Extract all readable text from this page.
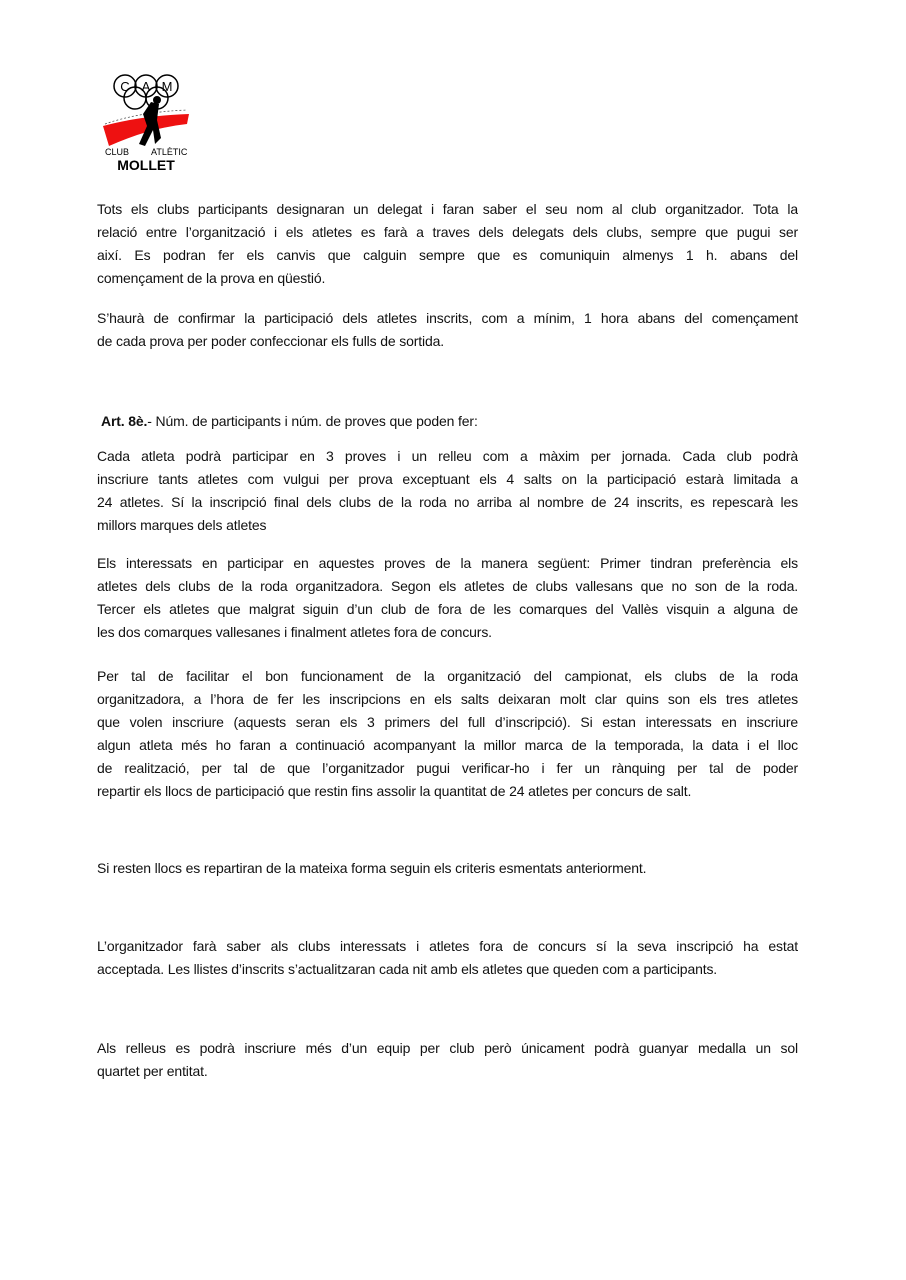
C A M
CLUB ATLÈTIC
MOLLET
Tots els clubs participants designaran un delegat i faran saber el seu nom al club organitzador. Tota la
relació entre l’organització i els atletes es farà a traves dels delegats dels clubs, sempre que pugui ser
així. Es podran fer els canvis que calguin sempre que es comuniquin almenys 1 h. abans del
començament de la prova en qüestió.
S’haurà de confirmar la participació dels atletes inscrits, com a mínim, 1 hora abans del començament
de cada prova per poder confeccionar els fulls de sortida.
Art. 8è.- Núm. de participants i núm. de proves que poden fer:
Cada atleta podrà participar en 3 proves i un relleu com a màxim per jornada. Cada club podrà
inscriure tants atletes com vulgui per prova exceptuant els 4 salts on la participació estarà limitada a
24 atletes. Sí la inscripció final dels clubs de la roda no arriba al nombre de 24 inscrits, es repescarà les
millors marques dels atletes
Els interessats en participar en aquestes proves de la manera següent: Primer tindran preferència els
atletes dels clubs de la roda organitzadora. Segon els atletes de clubs vallesans que no son de la roda.
Tercer els atletes que malgrat siguin d’un club de fora de les comarques del Vallès visquin a alguna de
les dos comarques vallesanes i finalment atletes fora de concurs.
Per tal de facilitar el bon funcionament de la organització del campionat, els clubs de la roda
organitzadora, a l’hora de fer les inscripcions en els salts deixaran molt clar quins son els tres atletes
que volen inscriure (aquests seran els 3 primers del full d’inscripció). Si estan interessats en inscriure
algun atleta més ho faran a continuació acompanyant la millor marca de la temporada, la data i el lloc
de realització, per tal de que l’organitzador pugui verificar-ho i fer un rànquing per tal de poder
repartir els llocs de participació que restin fins assolir la quantitat de 24 atletes per concurs de salt.
Si resten llocs es repartiran de la mateixa forma seguin els criteris esmentats anteriorment.
L’organitzador farà saber als clubs interessats i atletes fora de concurs sí la seva inscripció ha estat
acceptada. Les llistes d’inscrits s’actualitzaran cada nit amb els atletes que queden com a participants.
Als relleus es podrà inscriure més d’un equip per club però únicament podrà guanyar medalla un sol
quartet per entitat.
